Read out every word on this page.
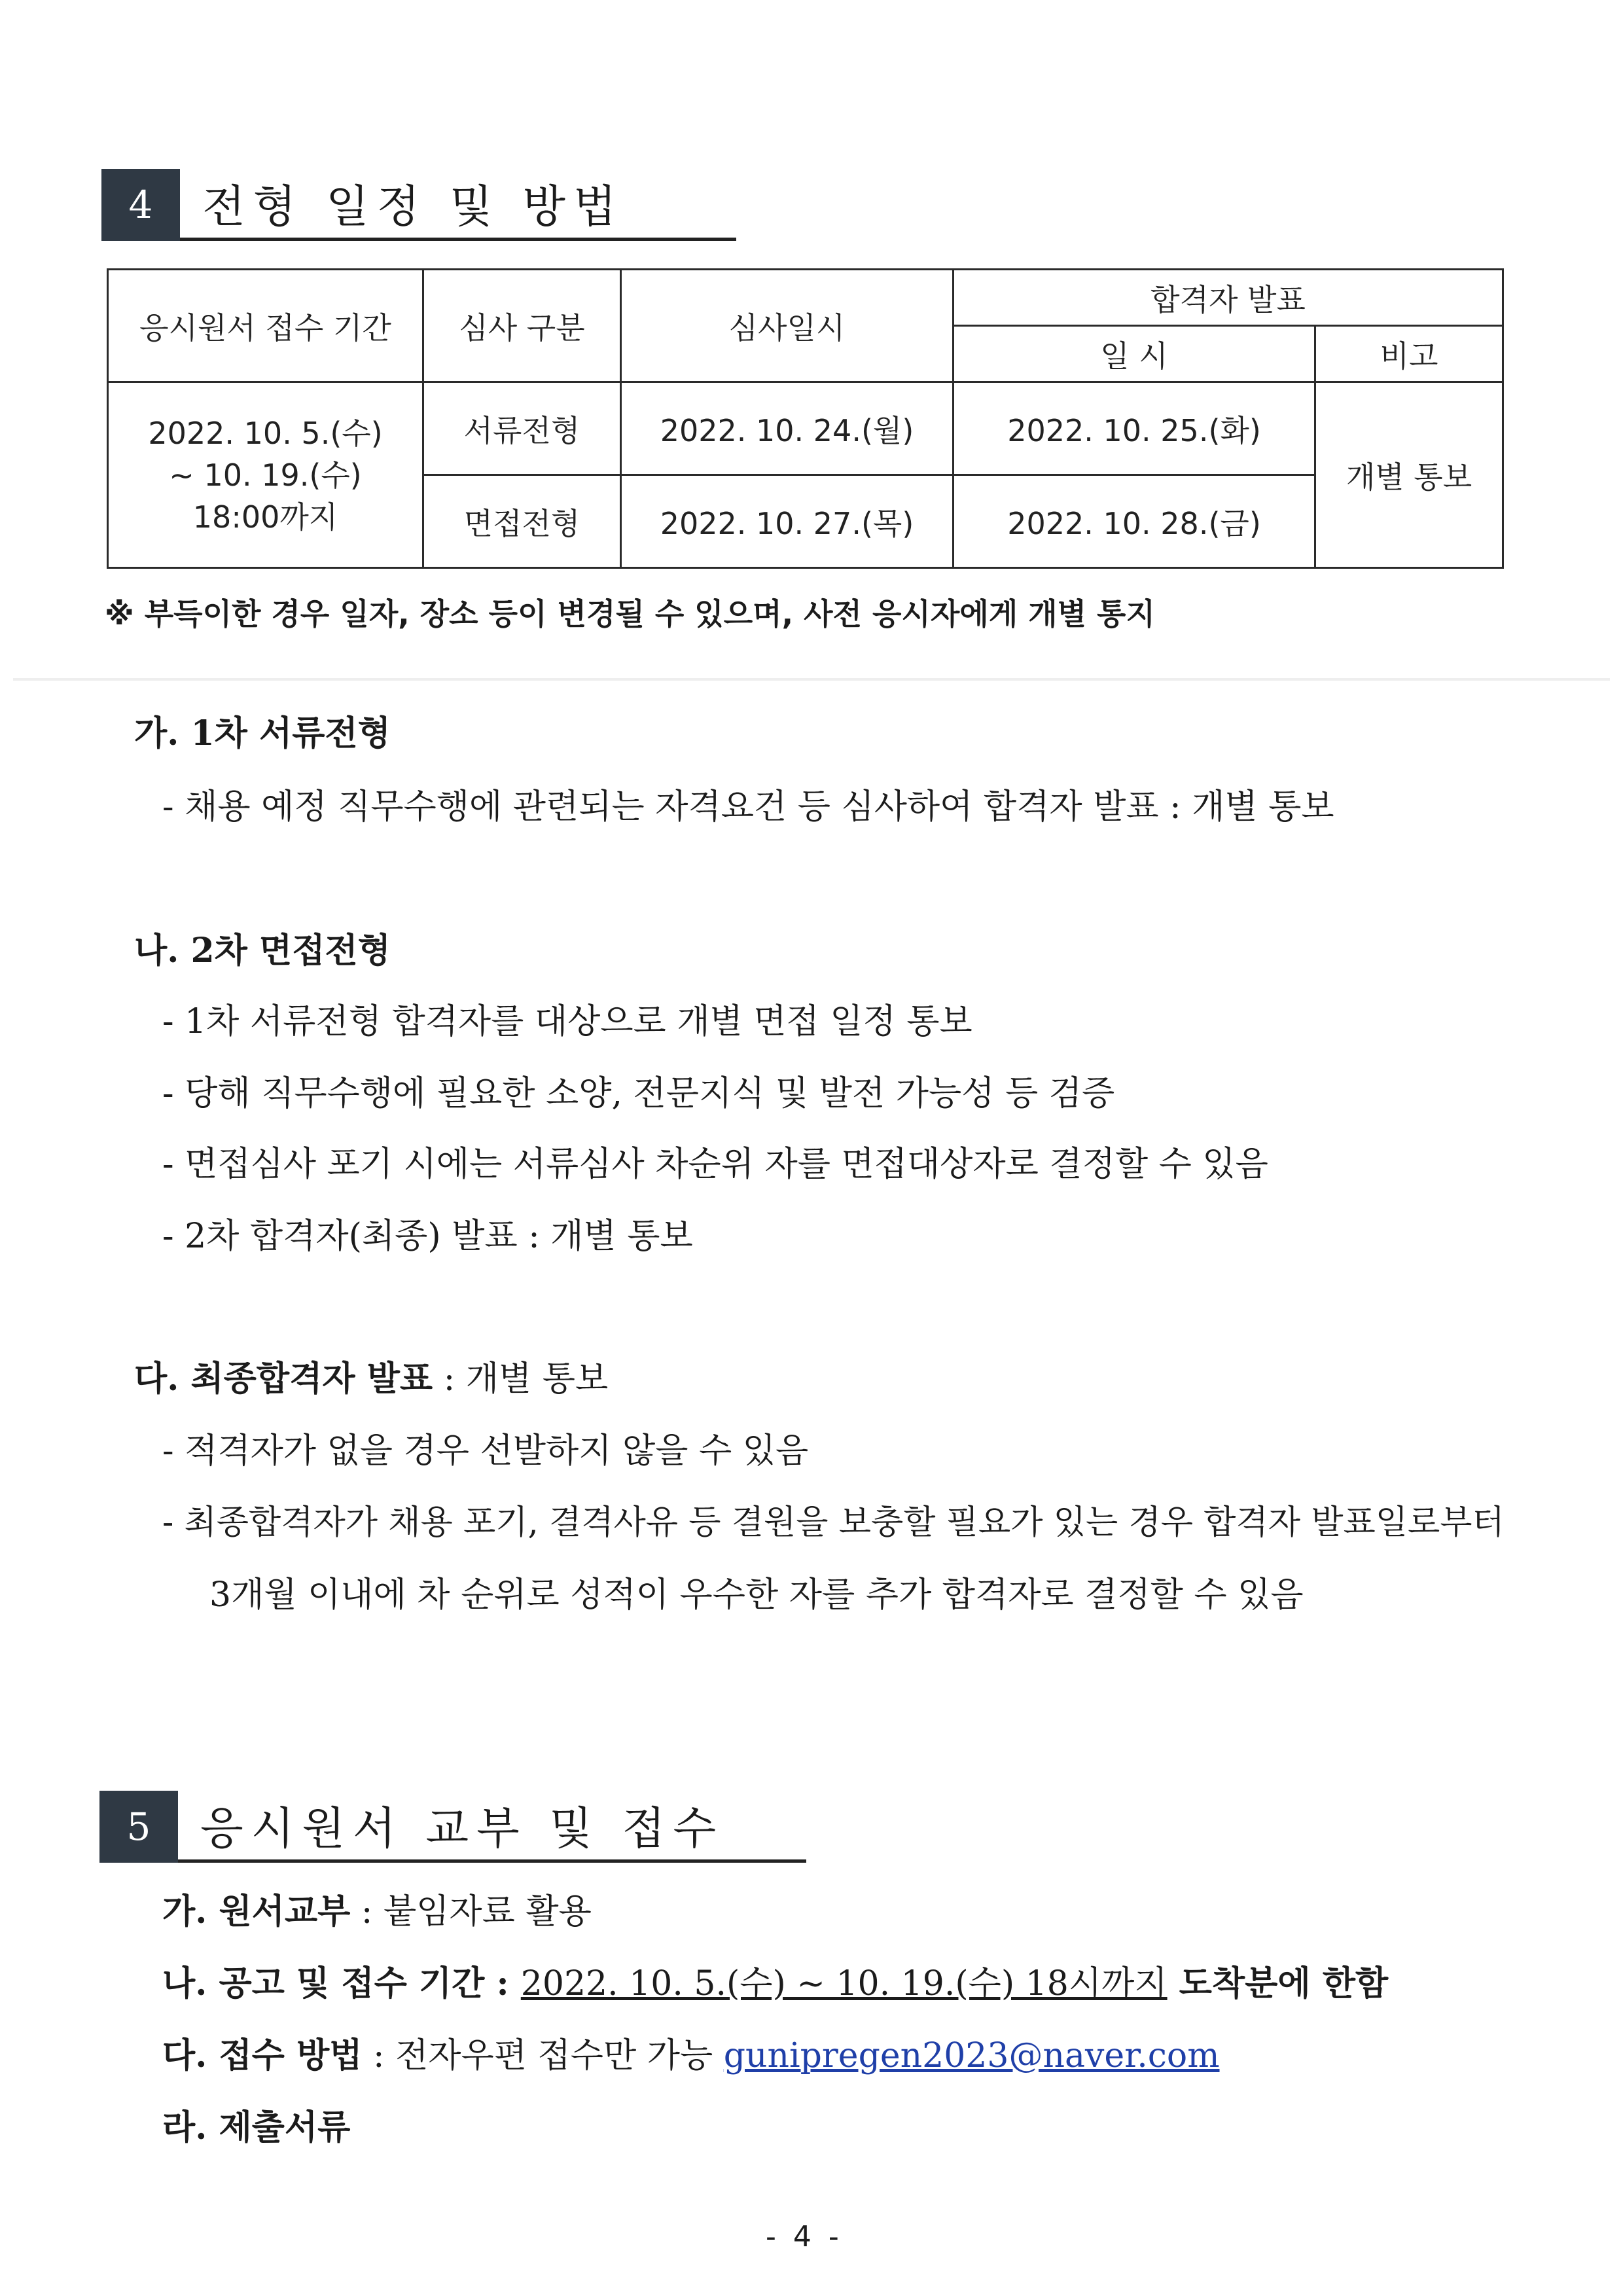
4	전형 일정 및 방법
응시원서 접수 기간	심사 구분	심사일시	합격자 발표	
			일 시	비고

2022. 10. 5.(수)
~ 10. 19.(수)
18:00까지	서류전형	2022. 10. 24.(월)	2022. 10. 25.(화)	개별 통보
	면접전형	2022. 10. 27.(목)	2022. 10. 28.(금)	
※ 부득이한 경우 일자, 장소 등이 변경될 수 있으며, 사전 응시자에게 개별 통지
가. 1차 서류전형
- 채용 예정 직무수행에 관련되는 자격요건 등 심사하여 합격자 발표 : 개별 통보
나. 2차 면접전형
- 1차 서류전형 합격자를 대상으로 개별 면접 일정 통보
- 당해 직무수행에 필요한 소양, 전문지식 및 발전 가능성 등 검증
- 면접심사 포기 시에는 서류심사 차순위 자를 면접대상자로 결정할 수 있음
- 2차 합격자(최종) 발표 : 개별 통보
다. 최종합격자 발표 : 개별 통보
- 적격자가 없을 경우 선발하지 않을 수 있음
- 최종합격자가 채용 포기, 결격사유 등 결원을 보충할 필요가 있는 경우 합격자 발표일로부터
3개월 이내에 차 순위로 성적이 우수한 자를 추가 합격자로 결정할 수 있음
5	응시원서 교부 및 접수
가. 원서교부 : 붙임자료 활용
나. 공고 및 접수 기간 : 2022. 10. 5.(수) ~ 10. 19.(수) 18시까지 도착분에 한함
다. 접수 방법 : 전자우편 접수만 가능 gunipregen2023@naver.com
라. 제출서류
- 4 -
